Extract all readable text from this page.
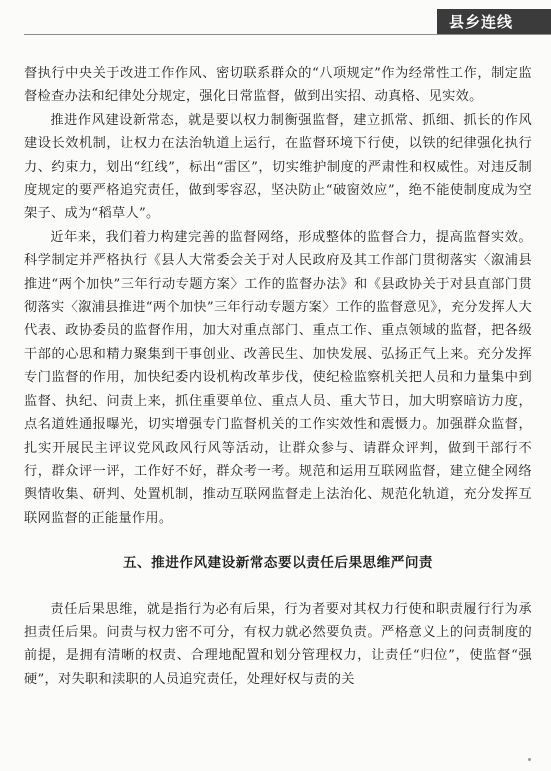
县乡连线

督执行中央关于改进工作作风、密切联系群众的“八项规定”作为经常性工作，制定监督检查办法和纪律处分规定，强化日常监督，做到出实招、动真格、见实效。

推进作风建设新常态，就是要以权力制衡强监督，建立抓常、抓细、抓长的作风建设长效机制，让权力在法治轨道上运行，在监督环境下行使，以铁的纪律强化执行力、约束力，划出“红线”，标出“雷区”，切实维护制度的严肃性和权威性。对违反制度规定的要严格追究责任，做到零容忍，坚决防止“破窗效应”，绝不能使制度成为空架子、成为“稻草人”。

近年来，我们着力构建完善的监督网络，形成整体的监督合力，提高监督实效。科学制定并严格执行《县人大常委会关于对人民政府及其工作部门贯彻落实〈溆浦县推进“两个加快”三年行动专题方案〉工作的监督办法》和《县政协关于对县直部门贯彻落实〈溆浦县推进“两个加快”三年行动专题方案〉工作的监督意见》，充分发挥人大代表、政协委员的监督作用，加大对重点部门、重点工作、重点领域的监督，把各级干部的心思和精力聚集到干事创业、改善民生、加快发展、弘扬正气上来。充分发挥专门监督的作用，加快纪委内设机构改革步伐，使纪检监察机关把人员和力量集中到监督、执纪、问责上来，抓住重要单位、重点人员、重大节日，加大明察暗访力度，点名道姓通报曝光，切实增强专门监督机关的工作实效性和震慑力。加强群众监督，扎实开展民主评议党风政风行风等活动，让群众参与、请群众评判，做到干部行不行，群众评一评，工作好不好，群众考一考。规范和运用互联网监督，建立健全网络舆情收集、研判、处置机制，推动互联网监督走上法治化、规范化轨道，充分发挥互联网监督的正能量作用。

五、推进作风建设新常态要以责任后果思维严问责

责任后果思维，就是指行为必有后果，行为者要对其权力行使和职责履行行为承担责任后果。问责与权力密不可分，有权力就必然要负责。严格意义上的问责制度的前提，是拥有清晰的权责、合理地配置和划分管理权力，让责任“归位”，使监督“强硬”，对失职和渎职的人员追究责任，处理好权与责的关
